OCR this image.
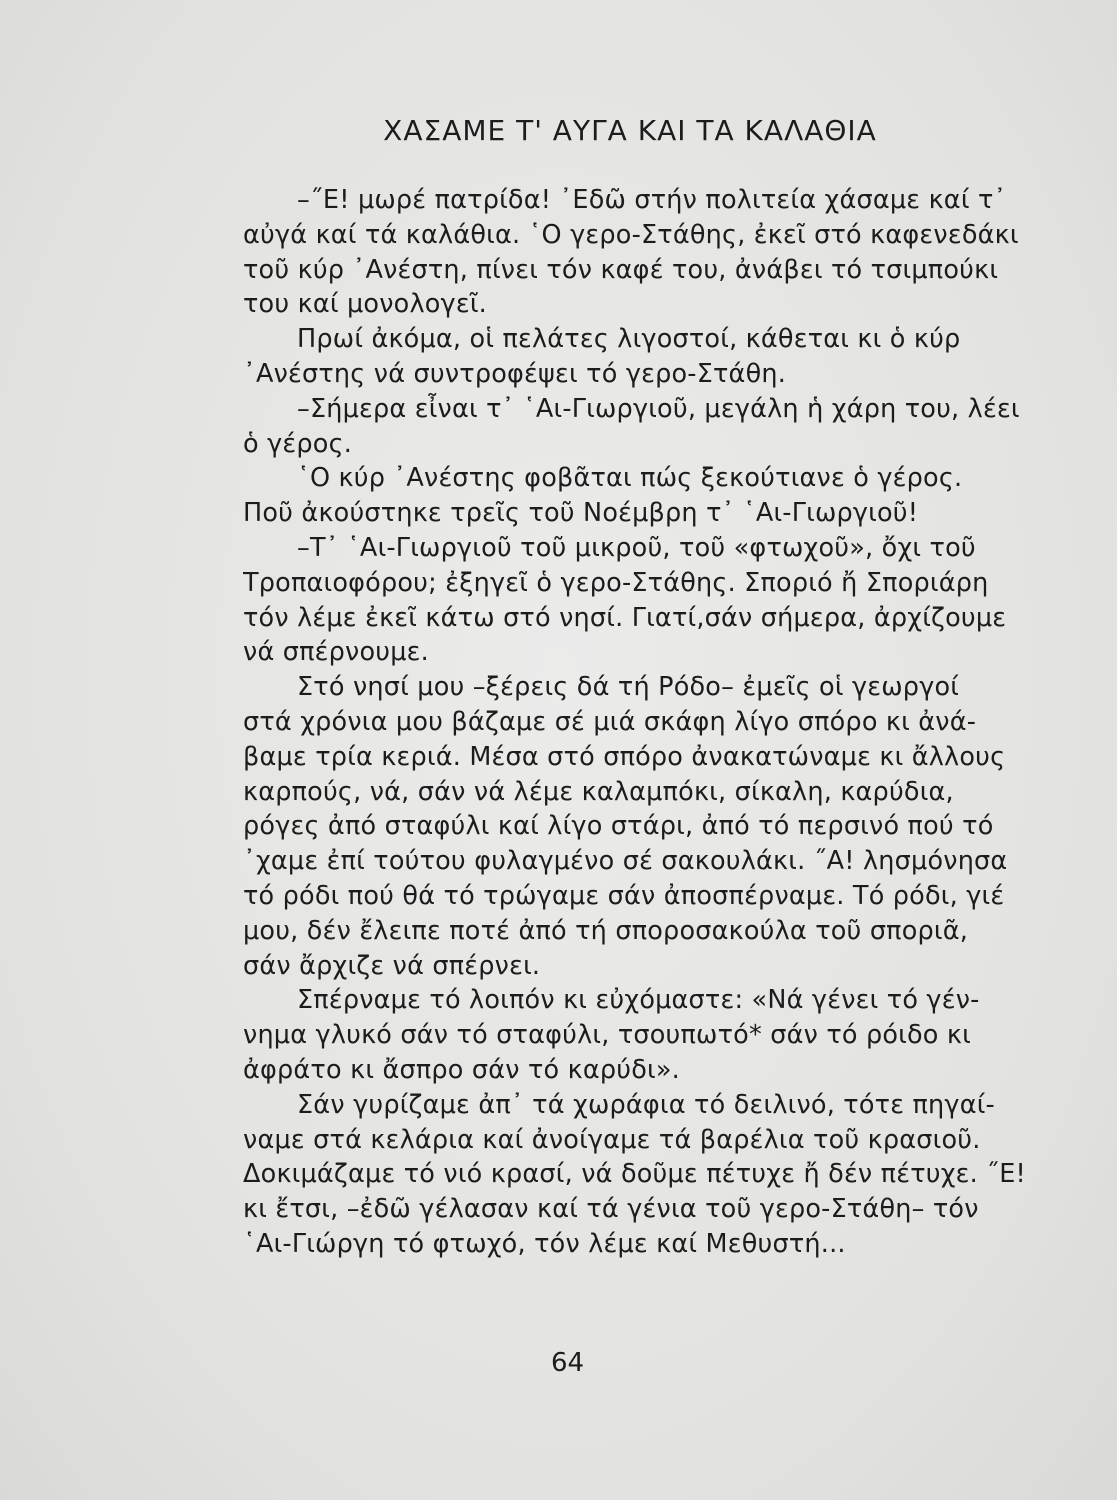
ΧΑΣΑΜΕ Τ' ΑΥΓΑ ΚΑΙ ΤΑ ΚΑΛΑΘΙΑ
–˝Ε! μωρέ πατρίδα! ᾿Εδῶ στήν πολιτεία χάσαμε καί τ᾿
αὐγά καί τά καλάθια. ῾Ο γερο-Στάθης, ἐκεῖ στό καφενεδάκι
τοῦ κύρ ᾿Ανέστη, πίνει τόν καφέ του, ἀνάβει τό τσιμπούκι
του καί μονολογεῖ.
Πρωί ἀκόμα, οἱ πελάτες λιγοστοί, κάθεται κι ὁ κύρ
᾿Ανέστης νά συντροφέψει τό γερο-Στάθη.
–Σήμερα εἶναι τ᾿ ῾Αι-Γιωργιοῦ, μεγάλη ἡ χάρη του, λέει
ὁ γέρος.
῾Ο κύρ ᾿Ανέστης φοβᾶται πώς ξεκούτιανε ὁ γέρος.
Ποῦ ἀκούστηκε τρεῖς τοῦ Νοέμβρη τ᾿ ῾Αι-Γιωργιοῦ!
–Τ᾿ ῾Αι-Γιωργιοῦ τοῦ μικροῦ, τοῦ «φτωχοῦ», ὄχι τοῦ
Τροπαιοφόρου; ἐξηγεῖ ὁ γερο-Στάθης. Σποριό ἤ Σποριάρη
τόν λέμε ἐκεῖ κάτω στό νησί. Γιατί,σάν σήμερα, ἀρχίζουμε
νά σπέρνουμε.
Στό νησί μου –ξέρεις δά τή Ρόδο– ἐμεῖς οἱ γεωργοί
στά χρόνια μου βάζαμε σέ μιά σκάφη λίγο σπόρο κι ἀνά-
βαμε τρία κεριά. Μέσα στό σπόρο ἀνακατώναμε κι ἄλλους
καρπούς, νά, σάν νά λέμε καλαμπόκι, σίκαλη, καρύδια,
ρόγες ἀπό σταφύλι καί λίγο στάρι, ἀπό τό περσινό πού τό
᾿χαμε ἐπί τούτου φυλαγμένο σέ σακουλάκι. ˝Α! λησμόνησα
τό ρόδι πού θά τό τρώγαμε σάν ἀποσπέρναμε. Τό ρόδι, γιέ
μου, δέν ἔλειπε ποτέ ἀπό τή σποροσακούλα τοῦ σποριᾶ,
σάν ἄρχιζε νά σπέρνει.
Σπέρναμε τό λοιπόν κι εὐχόμαστε: «Νά γένει τό γέν-
νημα γλυκό σάν τό σταφύλι, τσουπωτό* σάν τό ρόιδο κι
ἀφράτο κι ἄσπρο σάν τό καρύδι».
Σάν γυρίζαμε ἀπ᾿ τά χωράφια τό δειλινό, τότε πηγαί-
ναμε στά κελάρια καί ἀνοίγαμε τά βαρέλια τοῦ κρασιοῦ.
Δοκιμάζαμε τό νιό κρασί, νά δοῦμε πέτυχε ἤ δέν πέτυχε. ˝Ε!
κι ἔτσι, –ἐδῶ γέλασαν καί τά γένια τοῦ γερο-Στάθη– τόν
῾Αι-Γιώργη τό φτωχό, τόν λέμε καί Μεθυστή...
64
